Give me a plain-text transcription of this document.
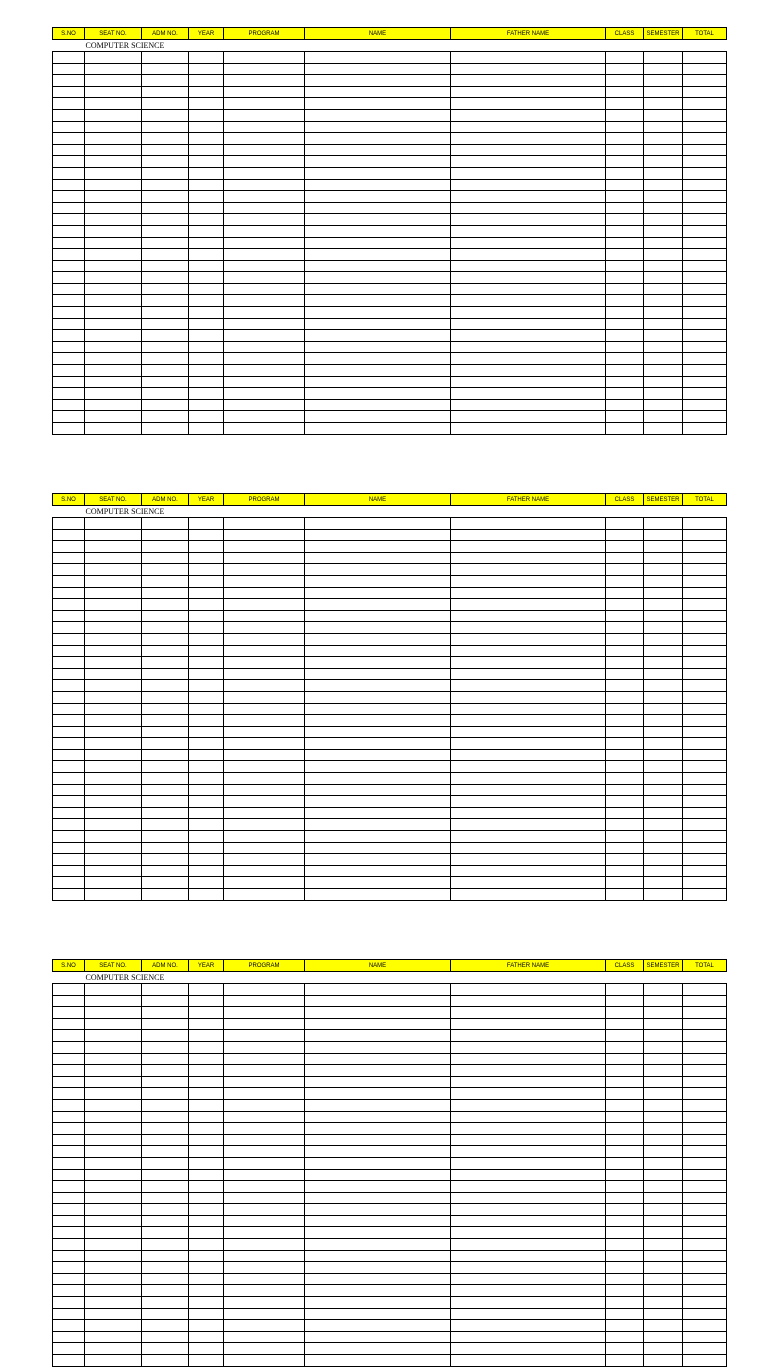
S.NO	SEAT NO.	ADM NO.	YEAR	PROGRAM	NAME	FATHER NAME	CLASS	SEMESTER	TOTAL
	COMPUTER SCIENCE								

S.NO	SEAT NO.	ADM NO.	YEAR	PROGRAM	NAME	FATHER NAME	CLASS	SEMESTER	TOTAL
	COMPUTER SCIENCE								

S.NO	SEAT NO.	ADM NO.	YEAR	PROGRAM	NAME	FATHER NAME	CLASS	SEMESTER	TOTAL
	COMPUTER SCIENCE								
